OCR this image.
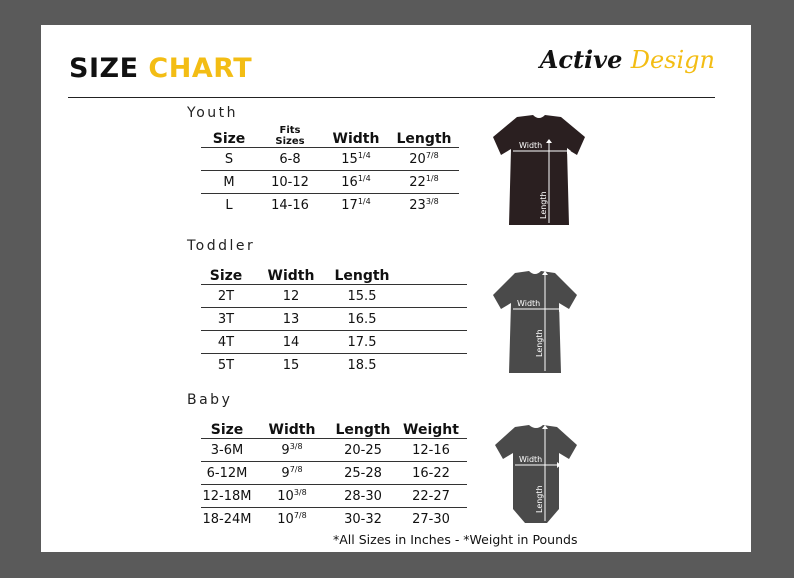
SIZE CHART	Active Design
Youth
Size	Fits Sizes	Width	Length
S	6-8	$15^{1/4}$	$20^{7/8}$
M	10-12	$16^{1/4}$	$22^{1/8}$
L	14-16	$17^{1/4}$	$23^{3/8}$
Width
Length
Toddler
Size	Width	Length	
2T	12	15.5	
3T	13	16.5	
4T	14	17.5	
5T	15	18.5	
Width
Length
Baby
Size	Width	Length	Weight
3-6M	$9^{3/8}$	20-25	12-16
6-12M	$9^{7/8}$	25-28	16-22
12-18M	$10^{3/8}$	28-30	22-27
18-24M	$10^{7/8}$	30-32	27-30
Width
Length
*All Sizes in Inches - *Weight in Pounds
